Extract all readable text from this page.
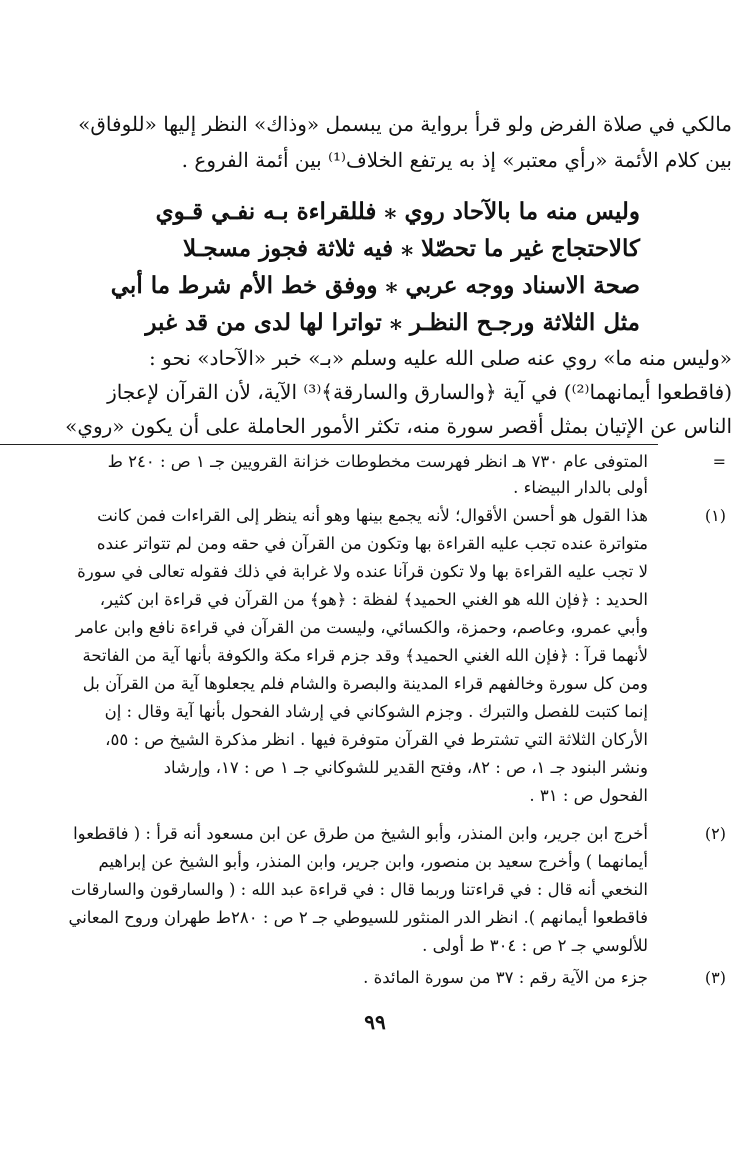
مالكي في صلاة الفرض ولو قرأ برواية من يبسمل «وذاك» النظر إليها «للوفاق»
بين كلام الأئمة «رأي معتبر» إذ به يرتفع الخلاف⁽¹⁾ بين أئمة الفروع .
وليس منه ما بالآحاد روي ⁎ فللقراءة بـه نفـي قـوي
كالاحتجاج غير ما تحصّلا ⁎ فيه ثلاثة فجوز مسجـلا
صحة الاسناد ووجه عربي ⁎ ووفق خط الأم شرط ما أبي
مثل الثلاثة ورجـح النظـر ⁎ تواترا لها لدى من قد غبر
«وليس منه ما» روي عنه صلى الله عليه وسلم «بـ» خبر «الآحاد» نحو :
(فاقطعوا أيمانهما⁽²⁾) في آية ﴿والسارق والسارقة﴾⁽³⁾ الآية، لأن القرآن لإعجاز
الناس عن الإتيان بمثل أقصر سورة منه، تكثر الأمور الحاملة على أن يكون «روي»
=
المتوفى عام ٧٣٠ هـ انظر فهرست مخطوطات خزانة القرويين جـ ١ ص : ٢٤٠ ط
أولى بالدار البيضاء .
(١)
هذا القول هو أحسن الأقوال؛ لأنه يجمع بينها وهو أنه ينظر إلى القراءات فمن كانت
متواترة عنده تجب عليه القراءة بها وتكون من القرآن في حقه ومن لم تتواتر عنده
لا تجب عليه القراءة بها ولا تكون قرآنا عنده ولا غرابة في ذلك فقوله تعالى في سورة
الحديد : ﴿فإن الله هو الغني الحميد﴾ لفظة : ﴿هو﴾ من القرآن في قراءة ابن كثير،
وأبي عمرو، وعاصم، وحمزة، والكسائي، وليست من القرآن في قراءة نافع وابن عامر
لأنهما قرآ : ﴿فإن الله الغني الحميد﴾ وقد جزم قراء مكة والكوفة بأنها آية من الفاتحة
ومن كل سورة وخالفهم قراء المدينة والبصرة والشام فلم يجعلوها آية من القرآن بل
إنما كتبت للفصل والتبرك . وجزم الشوكاني في إرشاد الفحول بأنها آية وقال : إن
الأركان الثلاثة التي تشترط في القرآن متوفرة فيها . انظر مذكرة الشيخ ص : ٥٥،
ونشر البنود جـ ١، ص : ٨٢، وفتح القدير للشوكاني جـ ١ ص : ١٧، وإرشاد
الفحول ص : ٣١ .
(٢)
أخرج ابن جرير، وابن المنذر، وأبو الشيخ من طرق عن ابن مسعود أنه قرأ : ( فاقطعوا
أيمانهما ) وأخرج سعيد بن منصور، وابن جرير، وابن المنذر، وأبو الشيخ عن إبراهيم
النخعي أنه قال : في قراءتنا وربما قال : في قراءة عبد الله : ( والسارقون والسارقات
فاقطعوا أيمانهم ). انظر الدر المنثور للسيوطي جـ ٢ ص : ٢٨٠ط طهران وروح المعاني
للألوسي جـ ٢ ص : ٣٠٤ ط أولى .
(٣)
جزء من الآية رقم : ٣٧ من سورة المائدة .
٩٩
